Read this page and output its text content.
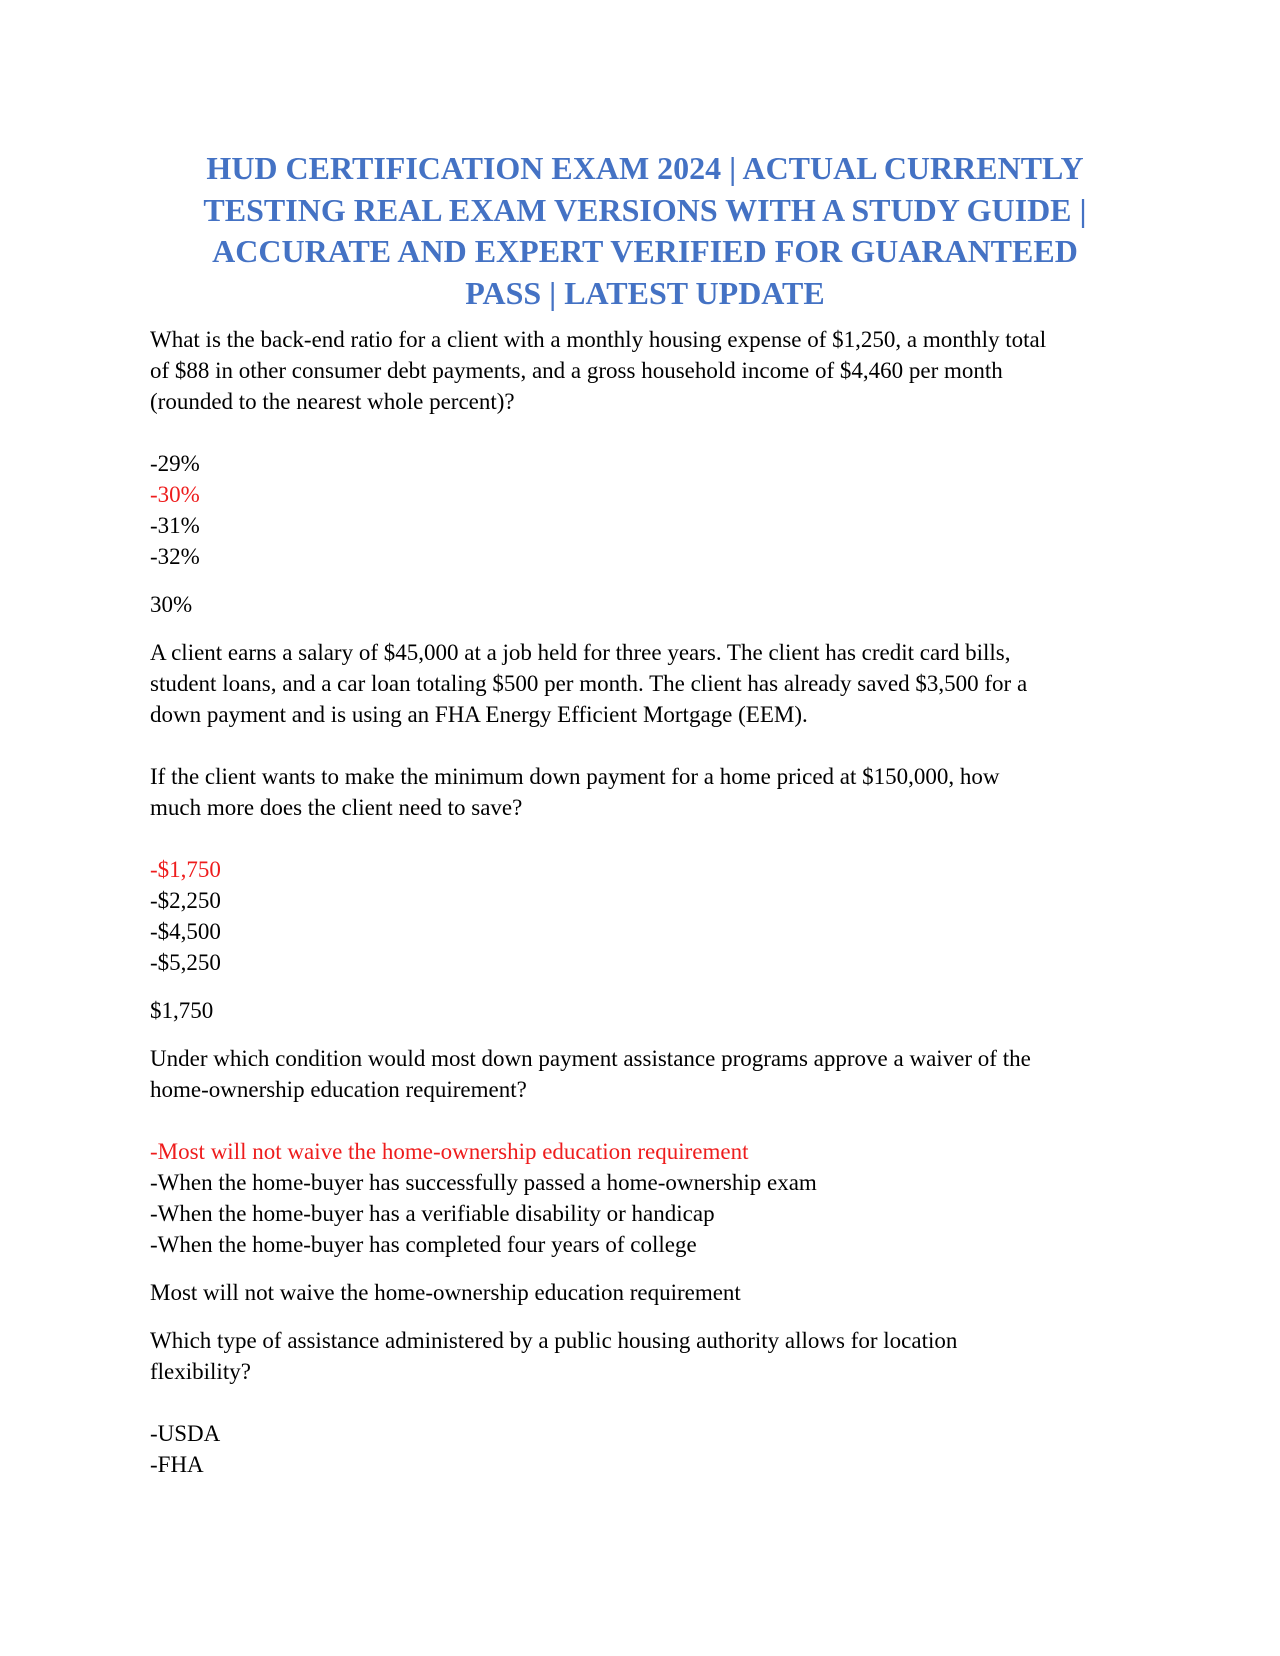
HUD CERTIFICATION EXAM 2024 | ACTUAL CURRENTLY
TESTING REAL EXAM VERSIONS WITH A STUDY GUIDE |
ACCURATE AND EXPERT VERIFIED FOR GUARANTEED
PASS | LATEST UPDATE
What is the back-end ratio for a client with a monthly housing expense of $1,250, a monthly total
of $88 in other consumer debt payments, and a gross household income of $4,460 per month
(rounded to the nearest whole percent)?
-29%
-30%
-31%
-32%
30%
A client earns a salary of $45,000 at a job held for three years. The client has credit card bills,
student loans, and a car loan totaling $500 per month. The client has already saved $3,500 for a
down payment and is using an FHA Energy Efficient Mortgage (EEM).
If the client wants to make the minimum down payment for a home priced at $150,000, how
much more does the client need to save?
-$1,750
-$2,250
-$4,500
-$5,250
$1,750
Under which condition would most down payment assistance programs approve a waiver of the
home-ownership education requirement?
-Most will not waive the home-ownership education requirement
-When the home-buyer has successfully passed a home-ownership exam
-When the home-buyer has a verifiable disability or handicap
-When the home-buyer has completed four years of college
Most will not waive the home-ownership education requirement
Which type of assistance administered by a public housing authority allows for location
flexibility?
-USDA
-FHA
